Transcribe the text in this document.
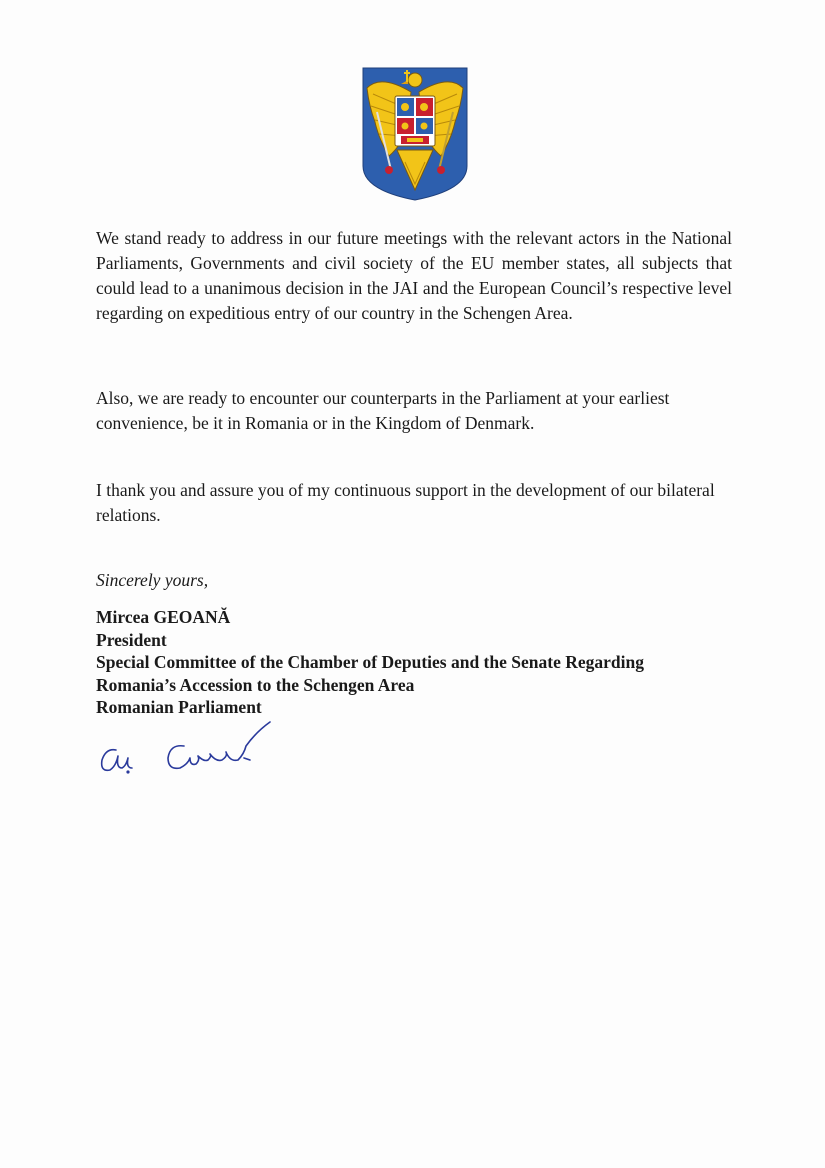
We stand ready to address in our future meetings with the relevant actors in the National Parliaments, Governments and civil society of the EU member states, all subjects that could lead to a unanimous decision in the JAI and the European Council’s respective level regarding on expeditious entry of our country in the Schengen Area.

Also, we are ready to encounter our counterparts in the Parliament at your earliest convenience, be it in Romania or in the Kingdom of Denmark.

I thank you and assure you of my continuous support in the development of our bilateral relations.

Sincerely yours,

Mircea GEOANĂ
President
Special Committee of the Chamber of Deputies and the Senate Regarding
Romania’s Accession to the Schengen Area
Romanian Parliament
